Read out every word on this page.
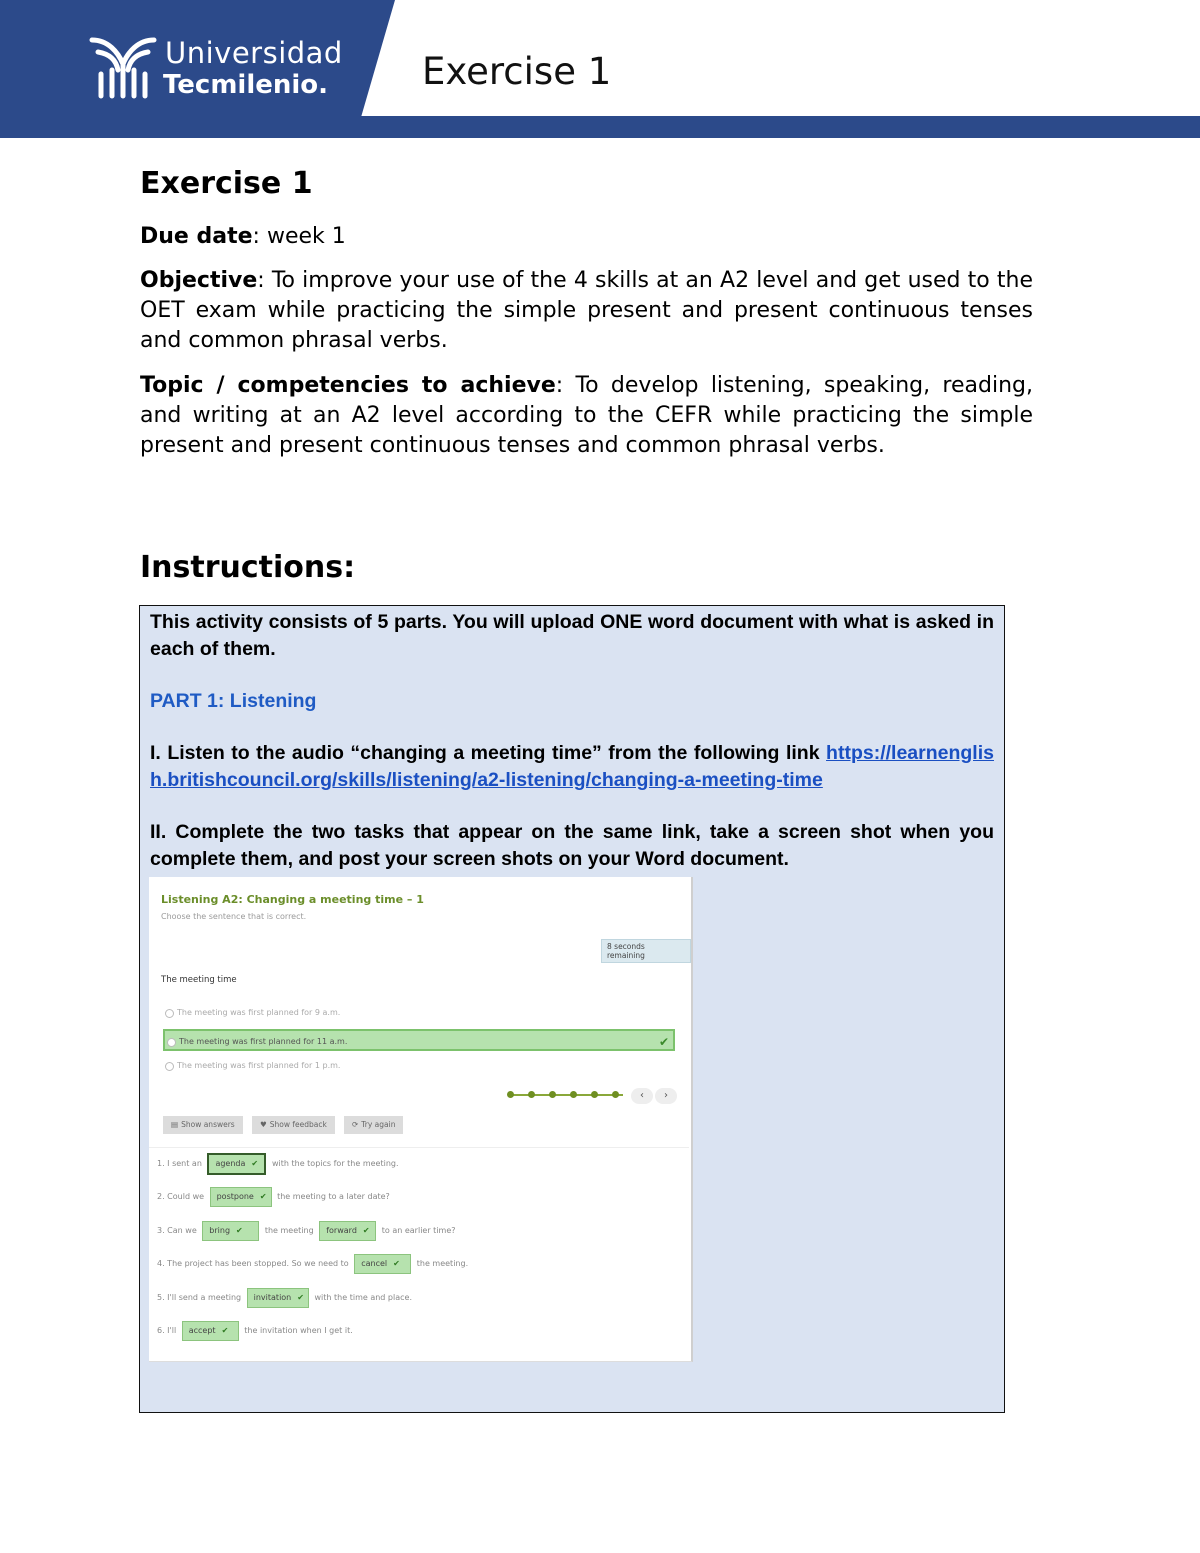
Universidad
Tecmilenio.	Exercise 1
Exercise 1
Due date: week 1
Objective: To improve your use of the 4 skills at an A2 level and get used to the OET exam while practicing the simple present and present continuous tenses and common phrasal verbs.
Topic / competencies to achieve: To develop listening, speaking, reading, and writing at an A2 level according to the CEFR while practicing the simple present and present continuous tenses and common phrasal verbs.
Instructions:
This activity consists of 5 parts. You will upload ONE word document with what is asked in each of them.
PART 1: Listening
I. Listen to the audio “changing a meeting time” from the following link https://learnenglish.britishcouncil.org/skills/listening/a2-listening/changing-a-meeting-time
II. Complete the two tasks that appear on the same link, take a screen shot when you complete them, and post your screen shots on your Word document.
Listening A2: Changing a meeting time – 1
Choose the sentence that is correct.
8 seconds remaining
The meeting time
The meeting was first planned for 9 a.m.
The meeting was first planned for 11 a.m.	✔
The meeting was first planned for 1 p.m.
‹	›
▤ Show answers	♥ Show feedback	⟳ Try again
1. I sent an agenda ✔ with the topics for the meeting.
2. Could we postpone ✔ the meeting to a later date?
3. Can we bring ✔	the meeting forward ✔ to an earlier time?
4. The project has been stopped. So we need to cancel ✔ the meeting.
5. I'll send a meeting invitation ✔ with the time and place.
6. I'll accept ✔ the invitation when I get it.
